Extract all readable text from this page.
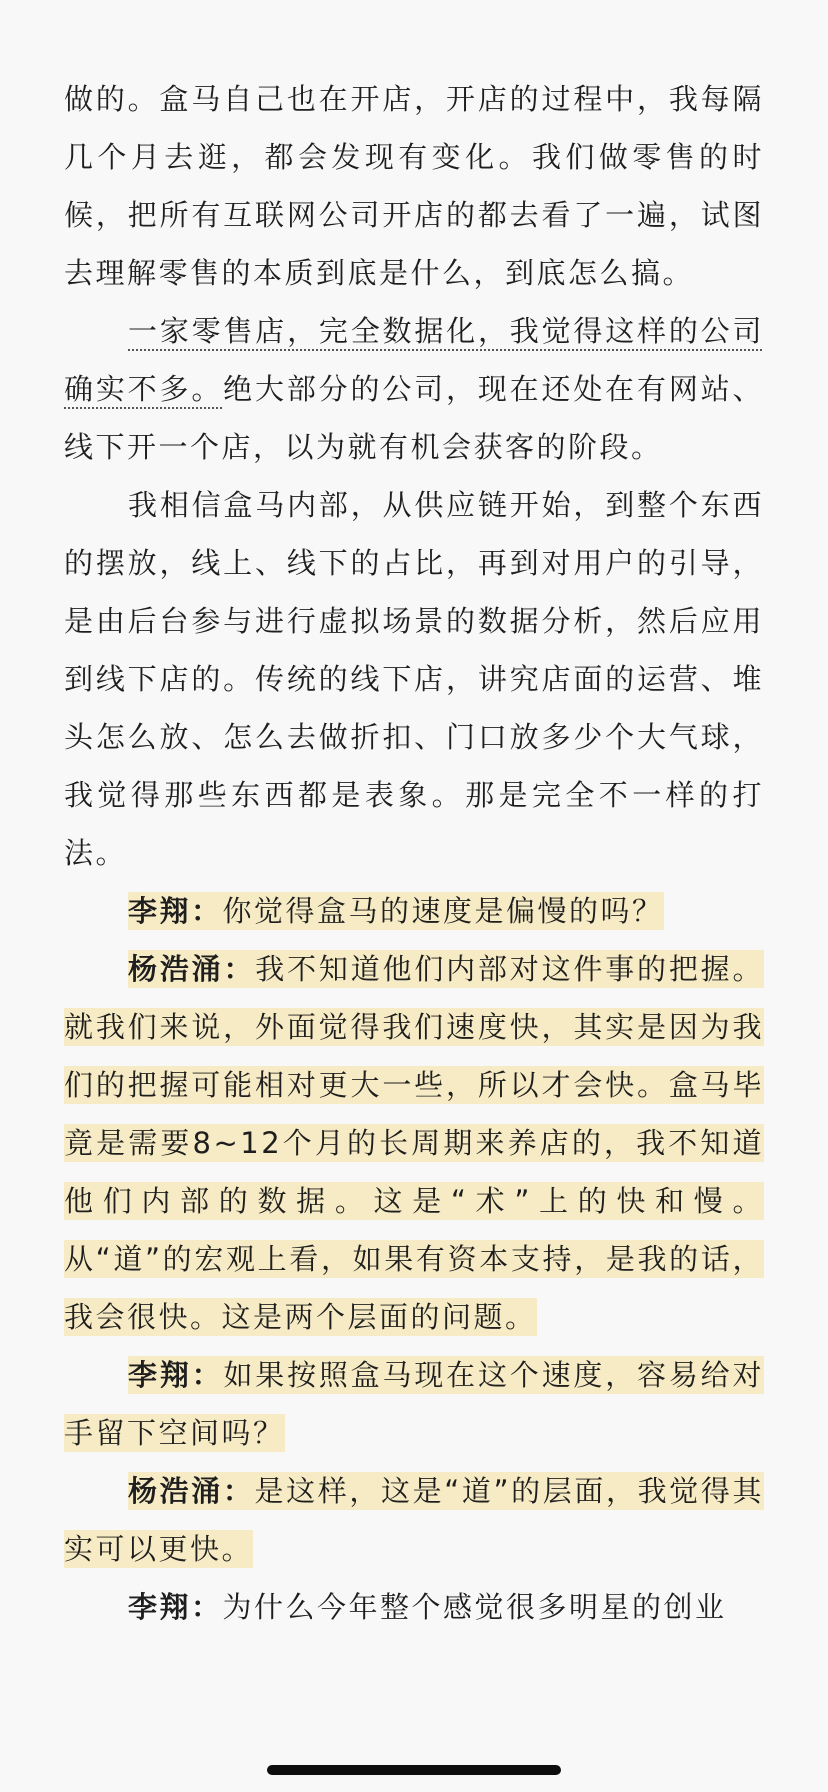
做的。盒马自己也在开店，开店的过程中，我每隔几个月去逛，都会发现有变化。我们做零售的时候，把所有互联网公司开店的都去看了一遍，试图去理解零售的本质到底是什么，到底怎么搞。

一家零售店，完全数据化，我觉得这样的公司确实不多。绝大部分的公司，现在还处在有网站、线下开一个店，以为就有机会获客的阶段。

我相信盒马内部，从供应链开始，到整个东西的摆放，线上、线下的占比，再到对用户的引导，是由后台参与进行虚拟场景的数据分析，然后应用到线下店的。传统的线下店，讲究店面的运营、堆头怎么放、怎么去做折扣、门口放多少个大气球，我觉得那些东西都是表象。那是完全不一样的打法。

李翔：你觉得盒马的速度是偏慢的吗？

杨浩涌：我不知道他们内部对这件事的把握。就我们来说，外面觉得我们速度快，其实是因为我们的把握可能相对更大一些，所以才会快。盒马毕竟是需要8~12个月的长周期来养店的，我不知道他们内部的数据。这是“术”上的快和慢。从“道”的宏观上看，如果有资本支持，是我的话，我会很快。这是两个层面的问题。

李翔：如果按照盒马现在这个速度，容易给对手留下空间吗？

杨浩涌：是这样，这是“道”的层面，我觉得其实可以更快。

李翔：为什么今年整个感觉很多明星的创业
